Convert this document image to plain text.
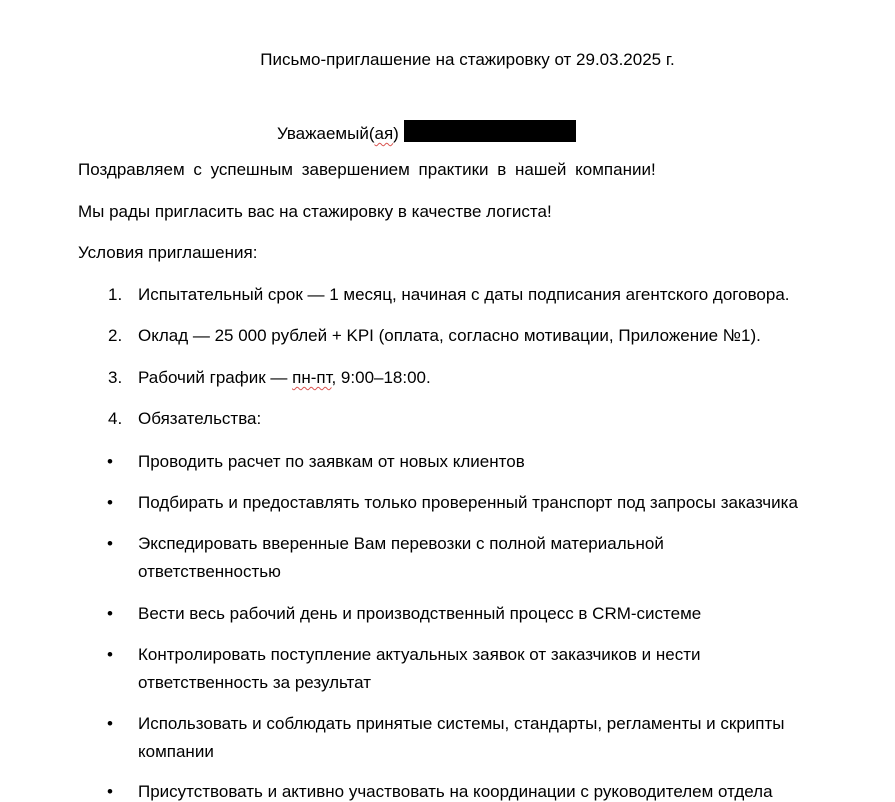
Письмо-приглашение на стажировку от 29.03.2025 г.
Уважаемый(ая)
Поздравляем с успешным завершением практики в нашей компании!
Мы рады пригласить вас на стажировку в качестве логиста!
Условия приглашения:
1. Испытательный срок — 1 месяц, начиная с даты подписания агентского договора.
2. Оклад — 25 000 рублей + KPI (оплата, согласно мотивации, Приложение №1).
3. Рабочий график — пн-пт, 9:00–18:00.
4. Обязательства:
• Проводить расчет по заявкам от новых клиентов
• Подбирать и предоставлять только проверенный транспорт под запросы заказчика
• Экспедировать вверенные Вам перевозки с полной материальной
ответственностью
• Вести весь рабочий день и производственный процесс в CRM-системе
• Контролировать поступление актуальных заявок от заказчиков и нести
ответственность за результат
• Использовать и соблюдать принятые системы, стандарты, регламенты и скрипты
компании
• Присутствовать и активно участвовать на координации с руководителем отдела
